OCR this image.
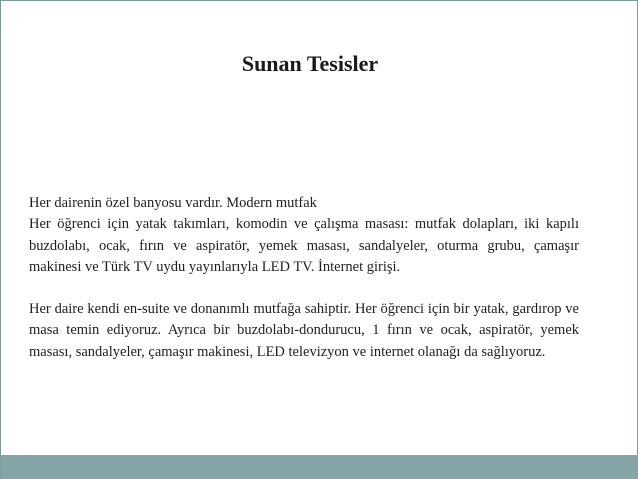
Sunan Tesisler

Her dairenin özel banyosu vardır. Modern mutfak

Her öğrenci için yatak takımları, komodin ve çalışma masası: mutfak dolapları, iki kapılı buzdolabı, ocak, fırın ve aspiratör, yemek masası, sandalyeler, oturma grubu, çamaşır makinesi ve Türk TV uydu yayınlarıyla LED TV. İnternet girişi.

Her daire kendi en-suite ve donanımlı mutfağa sahiptir. Her öğrenci için bir yatak, gardırop ve masa temin ediyoruz. Ayrıca bir buzdolabı-dondurucu, 1 fırın ve ocak, aspiratör, yemek masası, sandalyeler, çamaşır makinesi, LED televizyon ve internet olanağı da sağlıyoruz.
